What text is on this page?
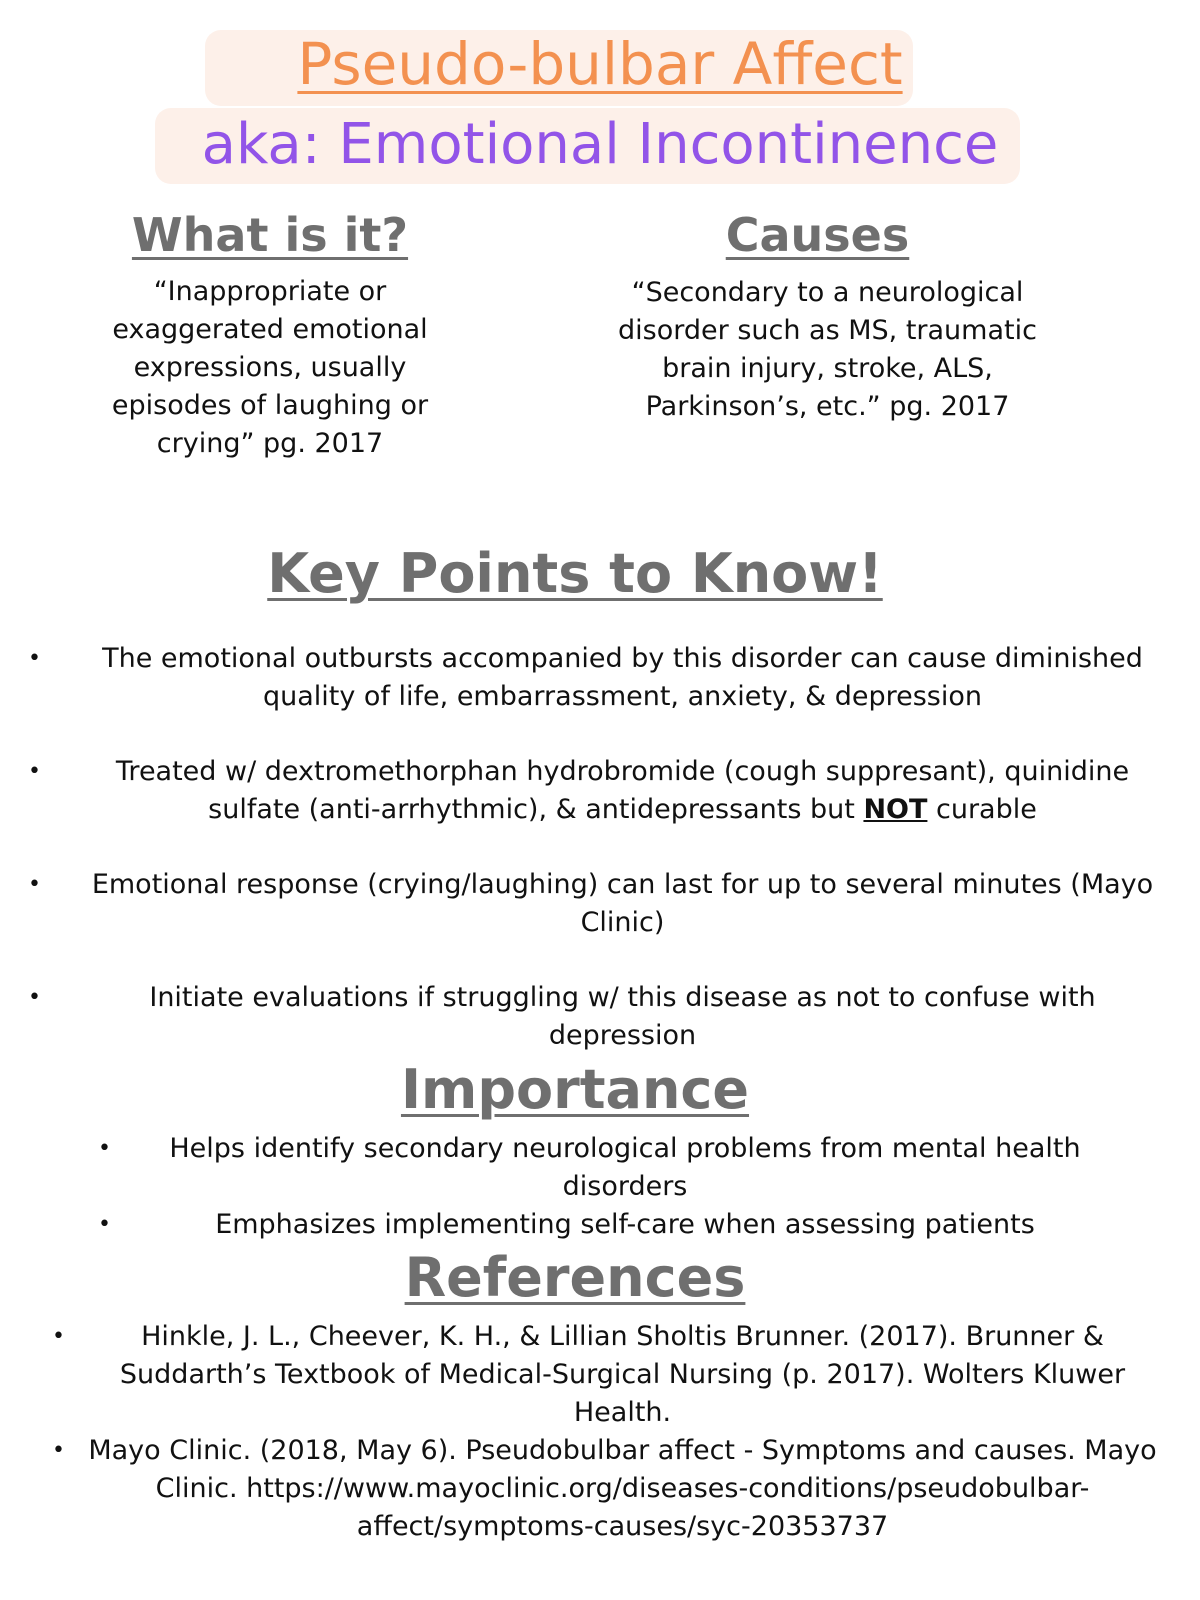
Pseudo-bulbar Affect
aka: Emotional Incontinence
What is it?

“Inappropriate or exaggerated emotional expressions, usually episodes of laughing or crying” pg. 2017

Causes

“Secondary to a neurological disorder such as MS, traumatic brain injury, stroke, ALS, Parkinson’s, etc.” pg. 2017

Key Points to Know!
• The emotional outbursts accompanied by this disorder can cause diminished quality of life, embarrassment, anxiety, & depression
• Treated w/ dextromethorphan hydrobromide (cough suppresant), quinidine sulfate (anti-arrhythmic), & antidepressants but NOT curable
• Emotional response (crying/laughing) can last for up to several minutes (Mayo Clinic)
• Initiate evaluations if struggling w/ this disease as not to confuse with depression
Importance
• Helps identify secondary neurological problems from mental health disorders
• Emphasizes implementing self-care when assessing patients
References
• Hinkle, J. L., Cheever, K. H., & Lillian Sholtis Brunner. (2017). Brunner & Suddarth’s Textbook of Medical-Surgical Nursing (p. 2017). Wolters Kluwer Health.
• Mayo Clinic. (2018, May 6). Pseudobulbar affect - Symptoms and causes. Mayo Clinic. https://www.mayoclinic.org/diseases-conditions/pseudobulbar-affect/symptoms-causes/syc-20353737
